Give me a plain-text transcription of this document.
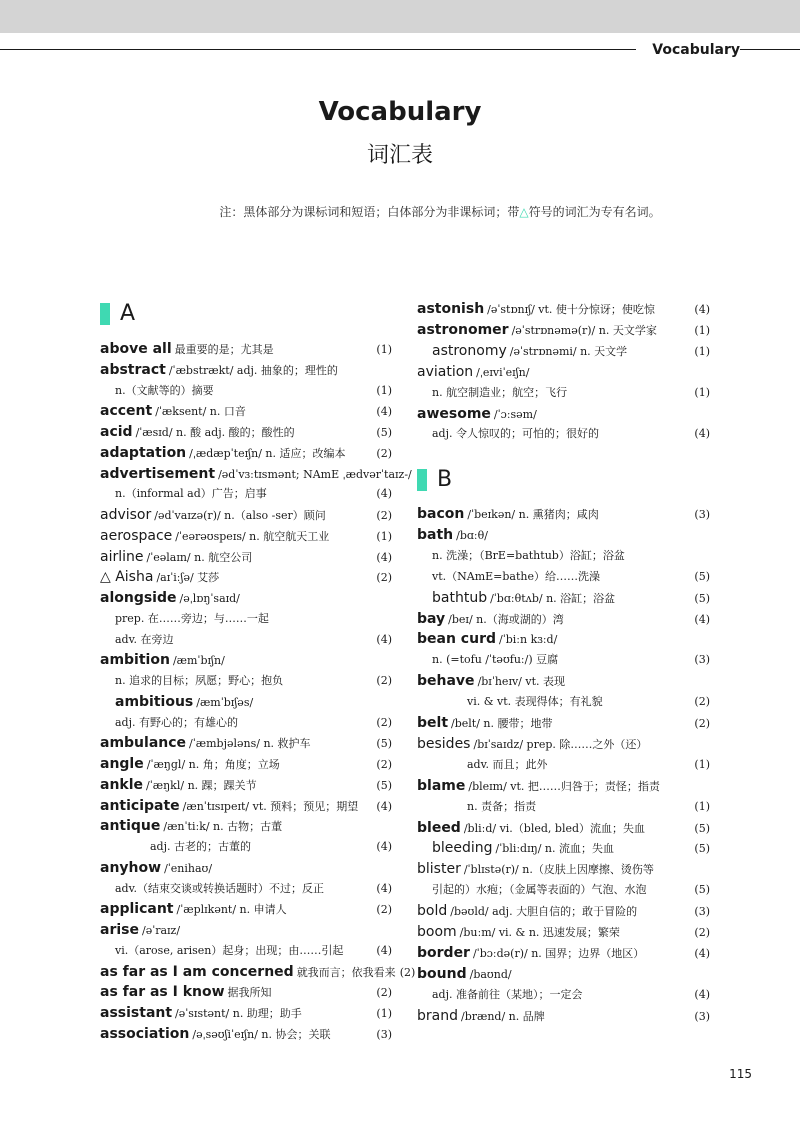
Vocabulary
Vocabulary
词汇表
注：黑体部分为课标词和短语；白体部分为非课标词；带△符号的词汇为专有名词。
A
B
above all 最重要的是；尤其是	(1)
abstract /ˈæbstrækt/ adj. 抽象的；理性的
n.（文献等的）摘要	(1)
accent /ˈæksent/ n. 口音	(4)
acid /ˈæsɪd/ n. 酸 adj. 酸的；酸性的	(5)
adaptation /ˌædæpˈteɪʃn/ n. 适应；改编本	(2)
advertisement /ədˈvɜːtɪsmənt; NAmE ˌædvərˈtaɪz-/
n.（informal ad）广告；启事	(4)
advisor /ədˈvaɪzə(r)/ n.（also -ser）顾问	(2)
aerospace /ˈeərəʊspeɪs/ n. 航空航天工业	(1)
airline /ˈeəlaɪn/ n. 航空公司	(4)
△ Aisha /aɪˈiːʃə/ 艾莎	(2)
alongside /əˌlɒŋˈsaɪd/
prep. 在……旁边；与……一起
adv. 在旁边	(4)
ambition /æmˈbɪʃn/
n. 追求的目标；夙愿；野心；抱负	(2)
ambitious /æmˈbɪʃəs/
adj. 有野心的；有雄心的	(2)
ambulance /ˈæmbjələns/ n. 救护车	(5)
angle /ˈæŋgl/ n. 角；角度；立场	(2)
ankle /ˈæŋkl/ n. 踝；踝关节	(5)
anticipate /ænˈtɪsɪpeɪt/ vt. 预料；预见；期望	(4)
antique /ænˈtiːk/ n. 古物；古董
adj. 古老的；古董的	(4)
anyhow /ˈenihaʊ/
adv.（结束交谈或转换话题时）不过；反正	(4)
applicant /ˈæplɪkənt/ n. 申请人	(2)
arise /əˈraɪz/
vi.（arose, arisen）起身；出现；由……引起	(4)
as far as I am concerned 就我而言；依我看来 (2)
as far as I know 据我所知	(2)
assistant /əˈsɪstənt/ n. 助理；助手	(1)
association /əˌsəʊʃiˈeɪʃn/ n. 协会；关联	(3)
astonish /əˈstɒnɪʃ/ vt. 使十分惊讶；使吃惊	(4)
astronomer /əˈstrɒnəmə(r)/ n. 天文学家	(1)
astronomy /əˈstrɒnəmi/ n. 天文学	(1)
aviation /ˌeɪviˈeɪʃn/
n. 航空制造业；航空；飞行	(1)
awesome /ˈɔːsəm/
adj. 令人惊叹的；可怕的；很好的	(4)
bacon /ˈbeɪkən/ n. 熏猪肉；咸肉	(3)
bath /bɑːθ/
n. 洗澡；（BrE=bathtub）浴缸；浴盆
vt.（NAmE=bathe）给……洗澡	(5)
bathtub /ˈbɑːθtʌb/ n. 浴缸；浴盆	(5)
bay /beɪ/ n.（海或湖的）湾	(4)
bean curd /ˈbiːn kɜːd/
n. (=tofu /ˈtəʊfuː/) 豆腐	(3)
behave /bɪˈheɪv/ vt. 表现
vi. & vt. 表现得体；有礼貌	(2)
belt /belt/ n. 腰带；地带	(2)
besides /bɪˈsaɪdz/ prep. 除……之外（还）
adv. 而且；此外	(1)
blame /bleɪm/ vt. 把……归咎于；责怪；指责
n. 责备；指责	(1)
bleed /bliːd/ vi.（bled, bled）流血；失血	(5)
bleeding /ˈbliːdɪŋ/ n. 流血；失血	(5)
blister /ˈblɪstə(r)/ n.（皮肤上因摩擦、烫伤等
引起的）水疱；（金属等表面的）气泡、水泡	(5)
bold /bəʊld/ adj. 大胆自信的；敢于冒险的	(3)
boom /buːm/ vi. & n. 迅速发展；繁荣	(2)
border /ˈbɔːdə(r)/ n. 国界；边界（地区）	(4)
bound /baʊnd/
adj. 准备前往（某地）；一定会	(4)
brand /brænd/ n. 品牌	(3)
115
